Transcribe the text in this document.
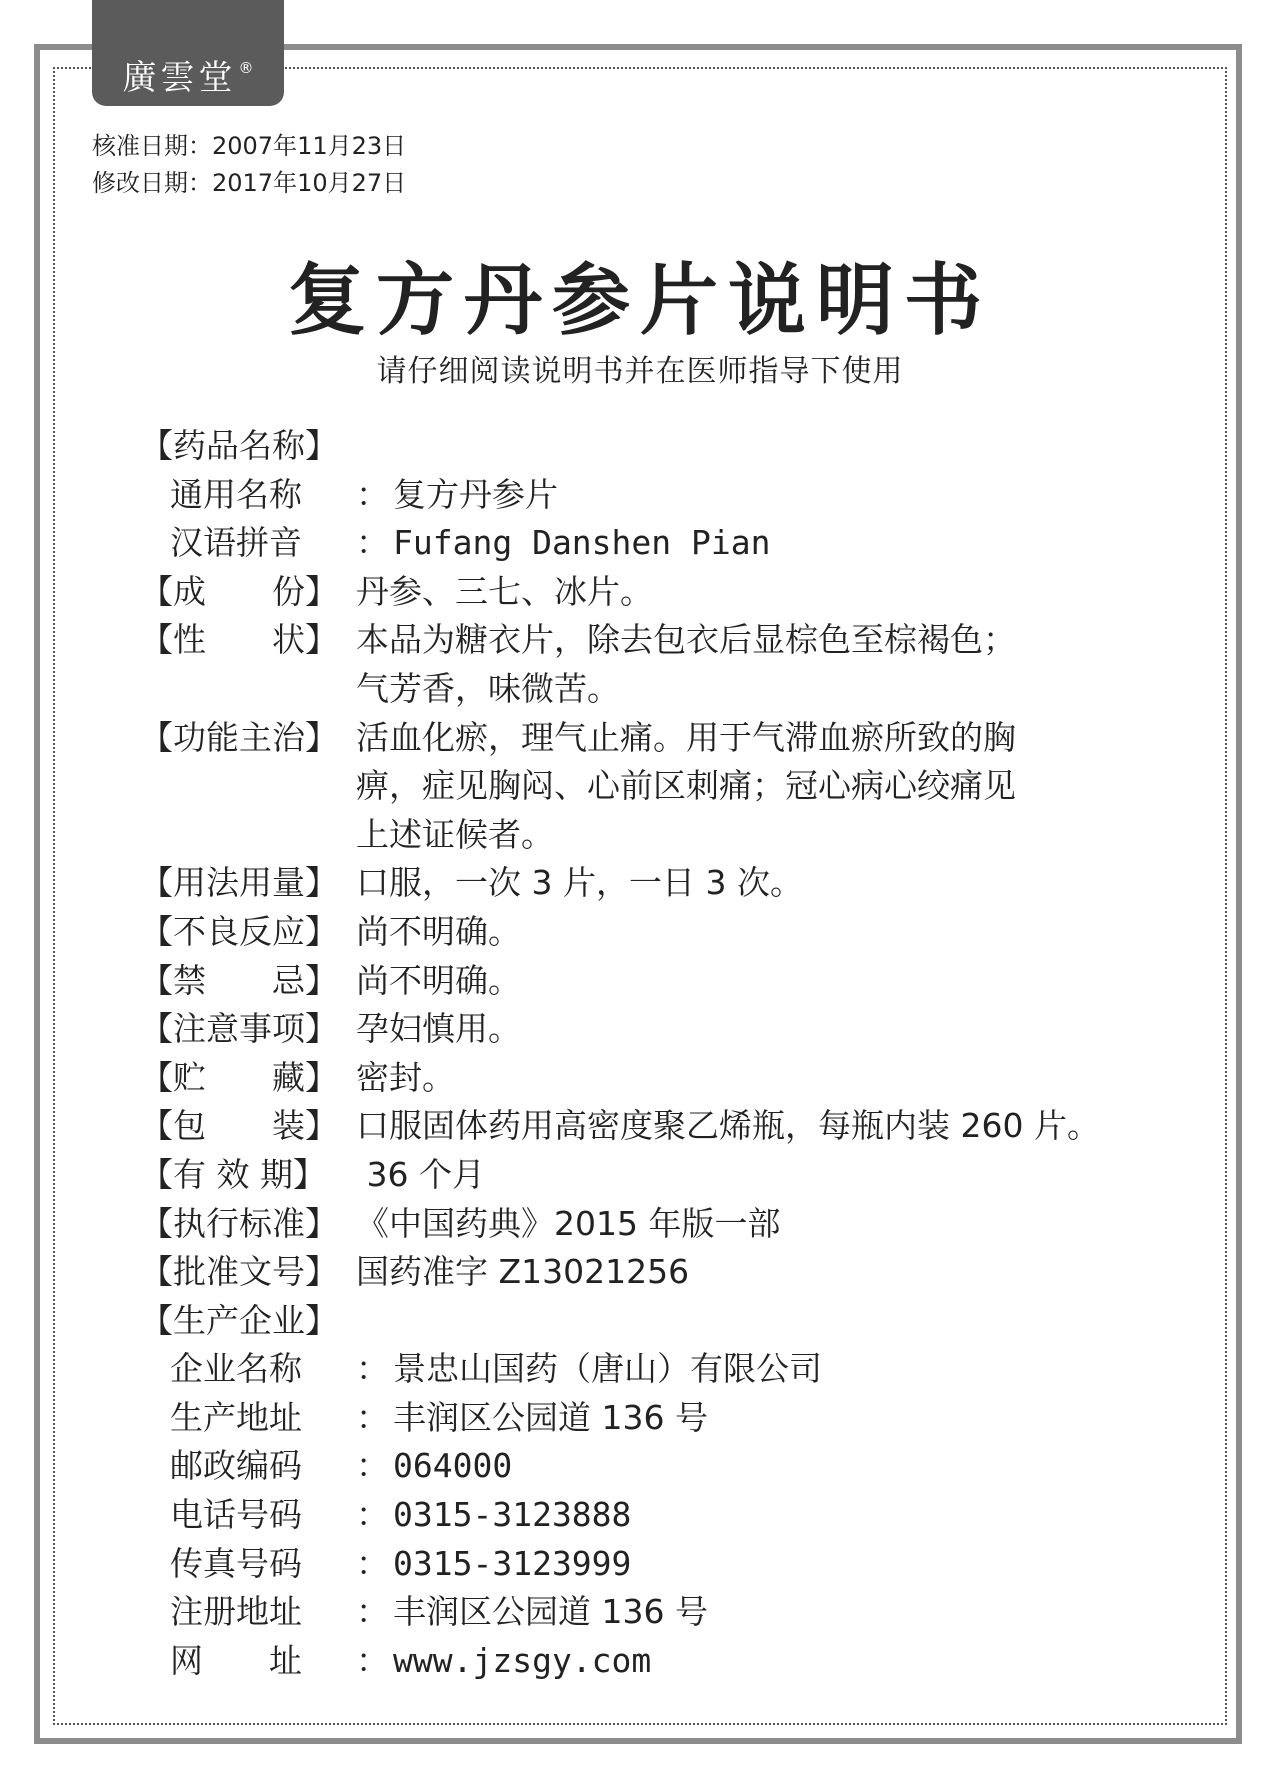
廣雲堂 ®
核准日期：2007年11月23日
修改日期：2017年10月27日
复方丹参片说明书
请仔细阅读说明书并在医师指导下使用
【药品名称】
通用名称	： 复方丹参片
汉语拼音	： Fufang Danshen Pian
【成　　份】 丹参、三七、冰片。
【性　　状】 本品为糖衣片，除去包衣后显棕色至棕褐色；
气芳香，味微苦。
【功能主治】 活血化瘀，理气止痛。用于气滞血瘀所致的胸
痹，症见胸闷、心前区刺痛；冠心病心绞痛见
上述证候者。
【用法用量】 口服，一次 3 片，一日 3 次。
【不良反应】 尚不明确。
【禁　　忌】 尚不明确。
【注意事项】 孕妇慎用。
【贮　　藏】 密封。
【包　　装】 口服固体药用高密度聚乙烯瓶，每瓶内装 260 片。
【有 效 期】 36 个月
【执行标准】 《中国药典》2015 年版一部
【批准文号】 国药准字 Z13021256
【生产企业】
企业名称	： 景忠山国药（唐山）有限公司
生产地址	： 丰润区公园道 136 号
邮政编码	： 064000
电话号码	： 0315-3123888
传真号码	： 0315-3123999
注册地址	： 丰润区公园道 136 号
网　　址	： www.jzsgy.com
